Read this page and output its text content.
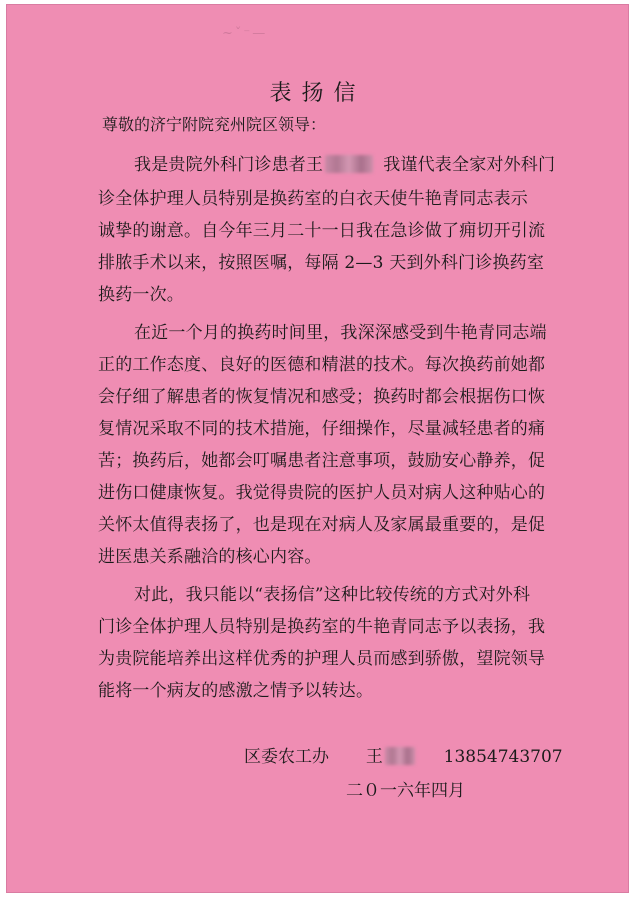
~ˇ⁻—
表扬信
尊敬的济宁附院兖州院区领导：
我是贵院外科门诊患者王	我谨代表全家对外科门
诊全体护理人员特别是换药室的白衣天使牛艳青同志表示
诚挚的谢意。自今年三月二十一日我在急诊做了痈切开引流
排脓手术以来，按照医嘱，每隔 2—3 天到外科门诊换药室
换药一次。
在近一个月的换药时间里，我深深感受到牛艳青同志端
正的工作态度、良好的医德和精湛的技术。每次换药前她都
会仔细了解患者的恢复情况和感受；换药时都会根据伤口恢
复情况采取不同的技术措施，仔细操作，尽量减轻患者的痛
苦；换药后，她都会叮嘱患者注意事项，鼓励安心静养，促
进伤口健康恢复。我觉得贵院的医护人员对病人这种贴心的
关怀太值得表扬了，也是现在对病人及家属最重要的，是促
进医患关系融洽的核心内容。
对此，我只能以“表扬信”这种比较传统的方式对外科
门诊全体护理人员特别是换药室的牛艳青同志予以表扬，我
为贵院能培养出这样优秀的护理人员而感到骄傲，望院领导
能将一个病友的感激之情予以转达。
区委农工办 王	13854743707
二０一六年四月
